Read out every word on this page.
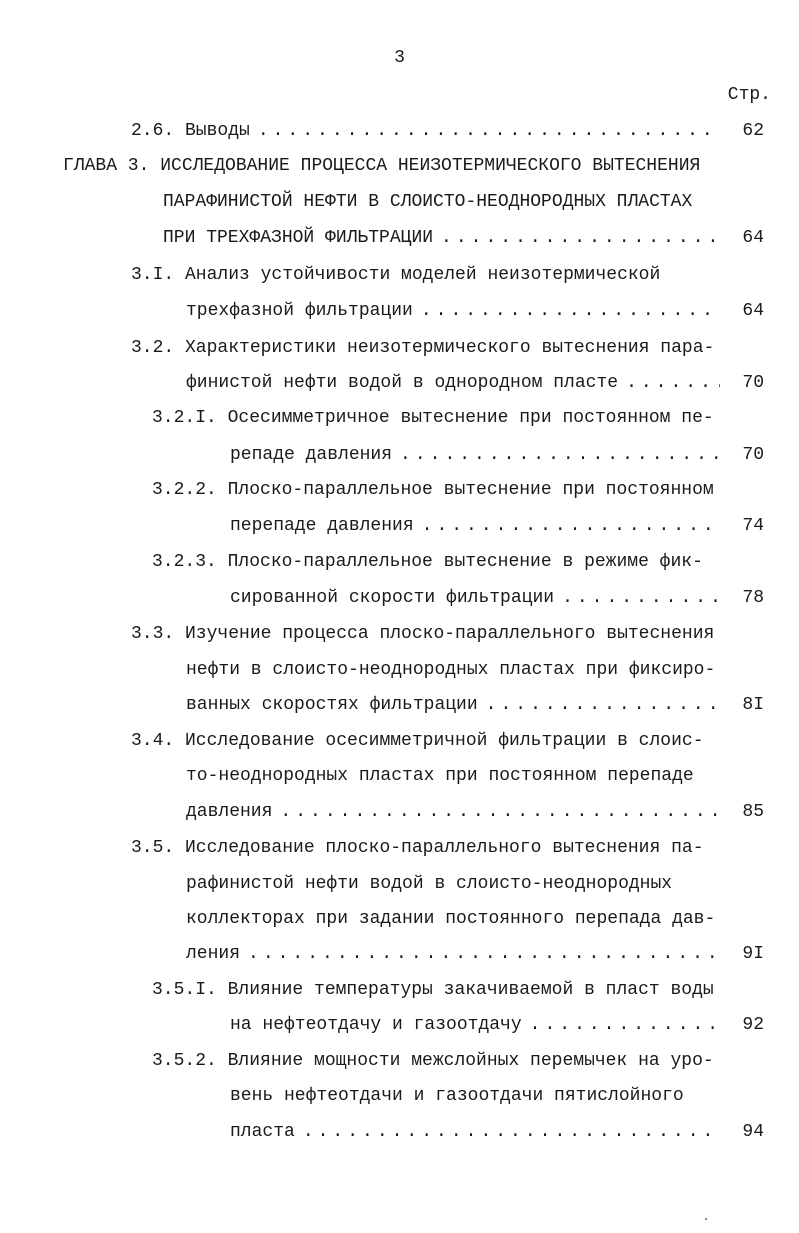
3
Стр.
62
2.6. Выводы
. . .
ГЛАВА 3. ИССЛЕДОВАНИЕ ПРОЦЕССА НЕИЗОТЕРМИЧЕСКОГО ВЫТЕСНЕНИЯ
ПАРАФИНИСТОЙ НЕФТИ В СЛОИСТО-НЕОДНОРОДНЫХ ПЛАСТАХ
64
ПРИ ТРЕХФАЗНОЙ ФИЛЬТРАЦИИ
. . .
3.I. Анализ устойчивости моделей неизотермической
64
трехфазной фильтрации
. . .
3.2. Характеристики неизотермического вытеснения пара-
70
финистой нефти водой в однородном пласте
. . .
3.2.I. Осесимметричное вытеснение при постоянном пе-
70
репаде давления
. . .
3.2.2. Плоско-параллельное вытеснение при постоянном
74
перепаде давления
. . .
3.2.3. Плоско-параллельное вытеснение в режиме фик-
78
сированной скорости фильтрации
. . .
3.3. Изучение процесса плоско-параллельного вытеснения
нефти в слоисто-неоднородных пластах при фиксиро-
8I
ванных скоростях фильтрации
. . .
3.4. Исследование осесимметричной фильтрации в слоис-
то-неоднородных пластах при постоянном перепаде
85
давления
. . .
3.5. Исследование плоско-параллельного вытеснения па-
рафинистой нефти водой в слоисто-неоднородных
коллекторах при задании постоянного перепада дав-
9I
ления
. . .
3.5.I. Влияние температуры закачиваемой в пласт воды
92
на нефтеотдачу и газоотдачу
. . .
3.5.2. Влияние мощности межслойных перемычек на уро-
вень нефтеотдачи и газоотдачи пятислойного
94
пласта
. . .
